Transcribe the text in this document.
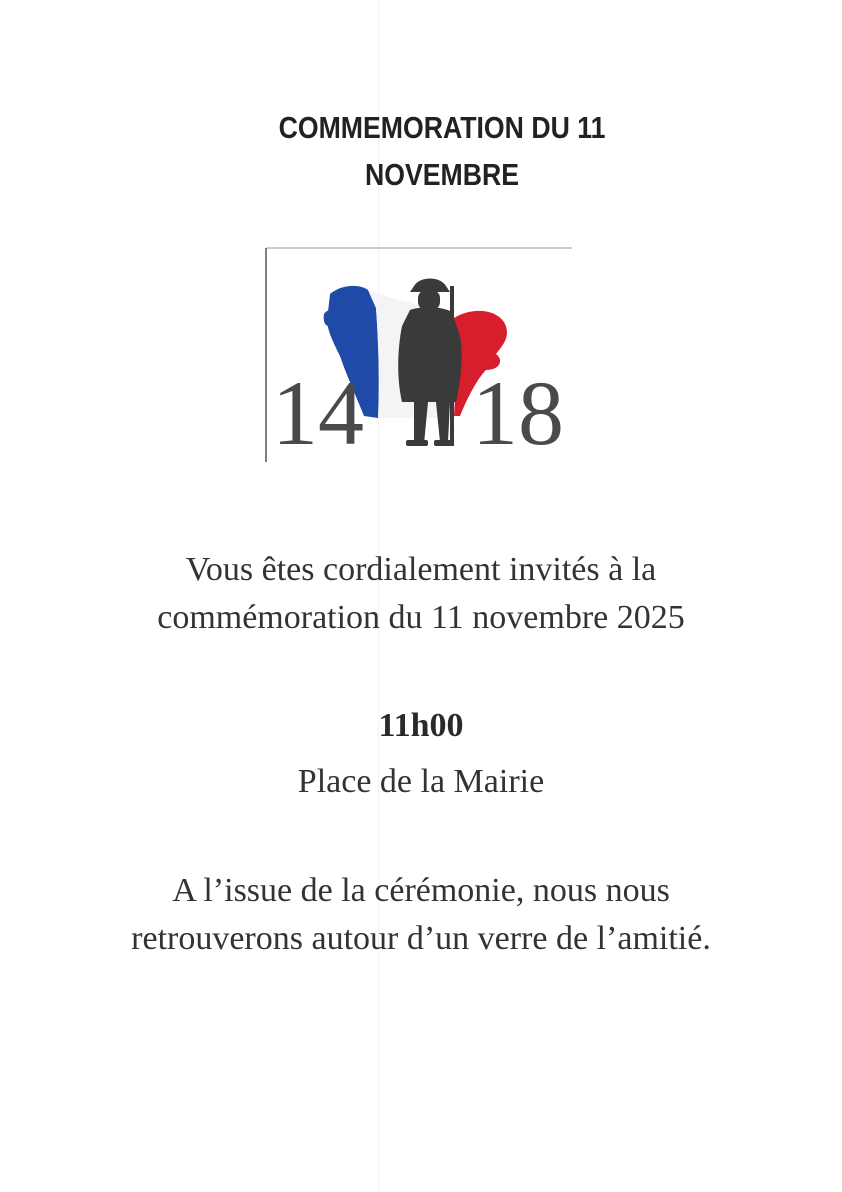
COMMEMORATION DU 11
NOVEMBRE
14 18
Vous êtes cordialement invités à la
commémoration du 11 novembre 2025
11h00
Place de la Mairie
A l’issue de la cérémonie, nous nous
retrouverons autour d’un verre de l’amitié.
